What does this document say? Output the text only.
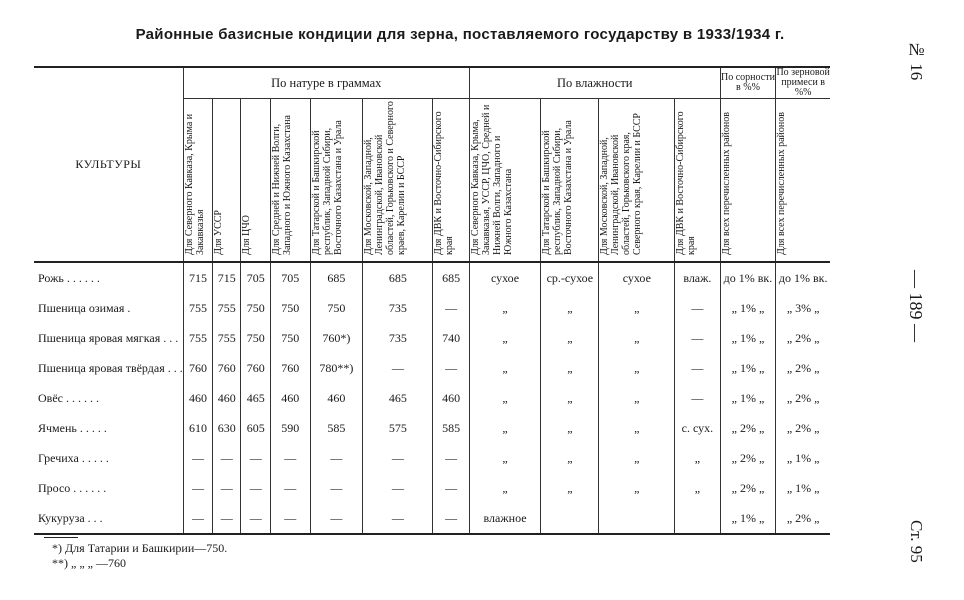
Районные базисные кондиции для зерна, поставляемого государству в 1933/1934 г.
№ 16
— 189 —
Ст. 95
КУЛЬТУРЫ	По натуре в граммах							По влажности				По сорности в %%	По зерновой примеси в %%
	Для Северного Кавказа, Крыма и Закавказья	Для УССР	Для ЦЧО	Для Средней и Нижней Волги, Западного и Южного Казахстана	Для Татарской и Башкирской республик, Западной Сибири, Восточного Казахстана и Урала	Для Московской, Западной, Ленинградской, Ивановской областей, Горьковского и Северного краев, Карелии и БССР	Для ДВК и Восточно-Сибирского края	Для Северного Кавказа, Крыма, Закавказья, УССР, ЦЧО, Средней и Нижней Волги, Западного и Южного Казахстана	Для Татарской и Башкирской республик, Западной Сибири, Восточного Казахстана и Урала	Для Московской, Западной, Ленинградской, Ивановской областей, Горьковского края, Северного края, Карелии и БССР	Для ДВК и Восточно-Сибирского края	Для всех перечисленных районов	Для всех перечисленных районов

Рожь . . . . . .	715	715	705	705	685	685	685	сухое	ср.-сухое	сухое	влаж.	до 1% вк.	до 1% вк.
Пшеница озимая .	755	755	750	750	750	735	—	„	„	„	—	„ 1% „	„ 3% „
Пшеница яровая мягкая . . .	755	755	750	750	760*)	735	740	„	„	„	—	„ 1% „	„ 2% „
Пшеница яровая твёрдая . . .	760	760	760	760	780**)	—	—	„	„	„	—	„ 1% „	„ 2% „
Овёс . . . . . .	460	460	465	460	460	465	460	„	„	„	—	„ 1% „	„ 2% „
Ячмень . . . . .	610	630	605	590	585	575	585	„	„	„	с. сух.	„ 2% „	„ 2% „
Гречиха . . . . .	—	—	—	—	—	—	—	„	„	„	„	„ 2% „	„ 1% „
Просо . . . . . .	—	—	—	—	—	—	—	„	„	„	„	„ 2% „	„ 1% „
Кукуруза . . .	—	—	—	—	—	—	—	влажное				„ 1% „	„ 2% „
*) Для Татарии и Башкирии—750.
**) „ „ „ —760
